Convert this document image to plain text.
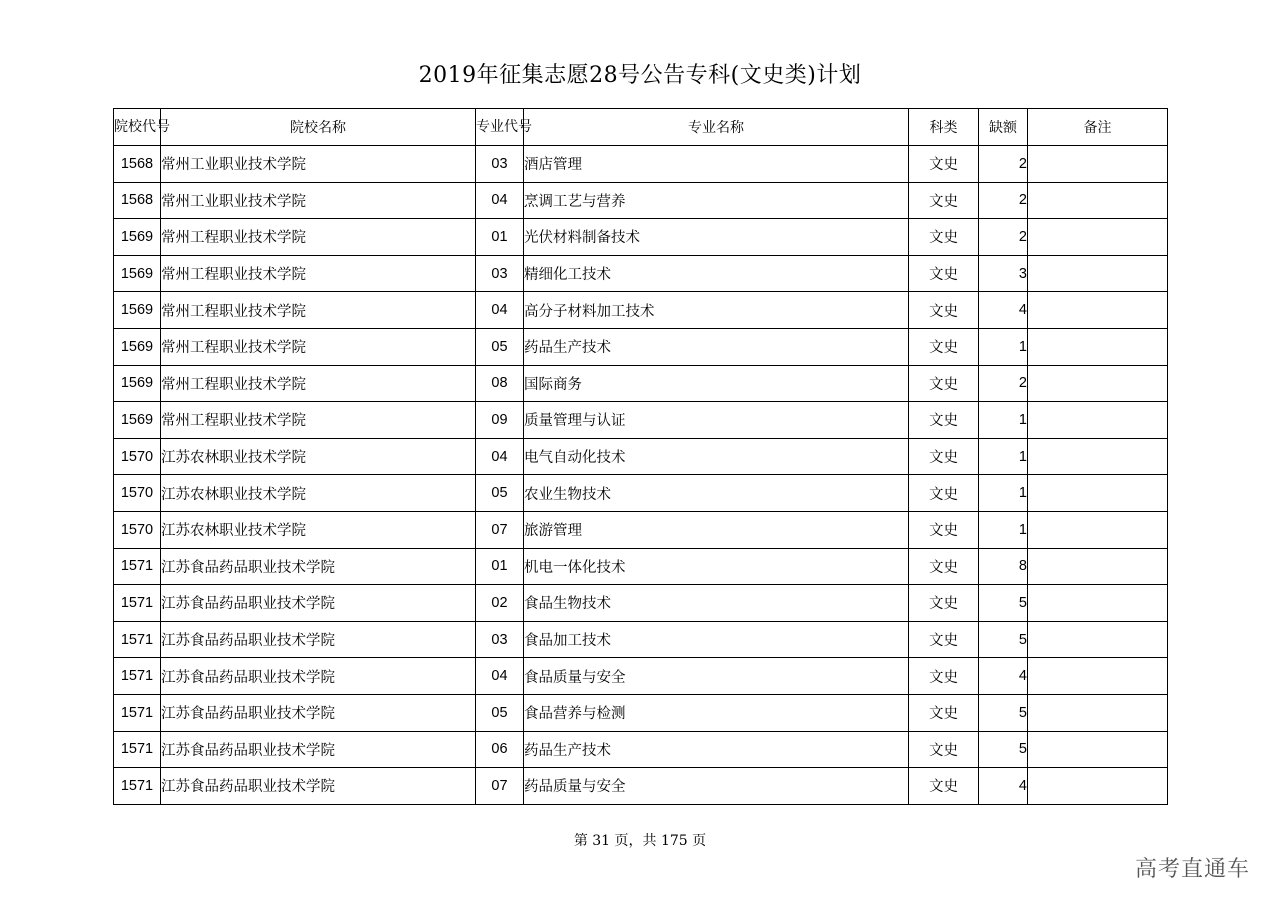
2019年征集志愿28号公告专科(文史类)计划
院校代号	院校名称	专业代号	专业名称	科类	缺额	备注
1568	常州工业职业技术学院	03	酒店管理	文史	2	
1568	常州工业职业技术学院	04	烹调工艺与营养	文史	2	
1569	常州工程职业技术学院	01	光伏材料制备技术	文史	2	
1569	常州工程职业技术学院	03	精细化工技术	文史	3	
1569	常州工程职业技术学院	04	高分子材料加工技术	文史	4	
1569	常州工程职业技术学院	05	药品生产技术	文史	1	
1569	常州工程职业技术学院	08	国际商务	文史	2	
1569	常州工程职业技术学院	09	质量管理与认证	文史	1	
1570	江苏农林职业技术学院	04	电气自动化技术	文史	1	
1570	江苏农林职业技术学院	05	农业生物技术	文史	1	
1570	江苏农林职业技术学院	07	旅游管理	文史	1	
1571	江苏食品药品职业技术学院	01	机电一体化技术	文史	8	
1571	江苏食品药品职业技术学院	02	食品生物技术	文史	5	
1571	江苏食品药品职业技术学院	03	食品加工技术	文史	5	
1571	江苏食品药品职业技术学院	04	食品质量与安全	文史	4	
1571	江苏食品药品职业技术学院	05	食品营养与检测	文史	5	
1571	江苏食品药品职业技术学院	06	药品生产技术	文史	5	
1571	江苏食品药品职业技术学院	07	药品质量与安全	文史	4	
第 31 页，共 175 页
高考直通车
